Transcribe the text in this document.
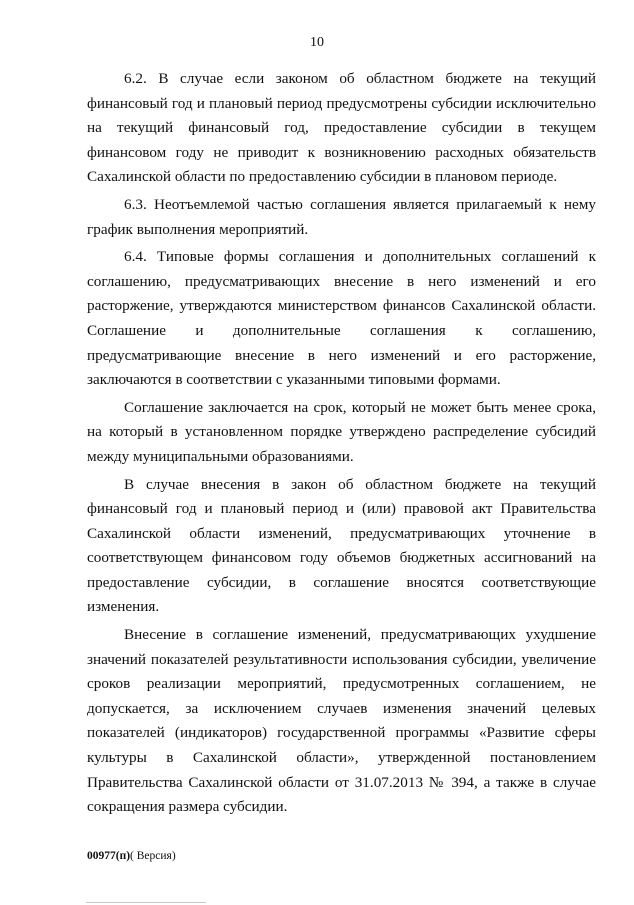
10

6.2. В случае если законом об областном бюджете на текущий финансовый год и плановый период предусмотрены субсидии исключительно на текущий финансовый год, предоставление субсидии в текущем финансовом году не приводит к возникновению расходных обязательств Сахалинской области по предоставлению субсидии в плановом периоде.

6.3. Неотъемлемой частью соглашения является прилагаемый к нему график выполнения мероприятий.

6.4. Типовые формы соглашения и дополнительных соглашений к соглашению, предусматривающих внесение в него изменений и его расторжение, утверждаются министерством финансов Сахалинской области. Соглашение и дополнительные соглашения к соглашению, предусматривающие внесение в него изменений и его расторжение, заключаются в соответствии с указанными типовыми формами.

Соглашение заключается на срок, который не может быть менее срока, на который в установленном порядке утверждено распределение субсидий между муниципальными образованиями.

В случае внесения в закон об областном бюджете на текущий финансовый год и плановый период и (или) правовой акт Правительства Сахалинской области изменений, предусматривающих уточнение в соответствующем финансовом году объемов бюджетных ассигнований на предоставление субсидии, в соглашение вносятся соответствующие изменения.

Внесение в соглашение изменений, предусматривающих ухудшение значений показателей результативности использования субсидии, увеличение сроков реализации мероприятий, предусмотренных соглашением, не допускается, за исключением случаев изменения значений целевых показателей (индикаторов) государственной программы «Развитие сферы культуры в Сахалинской области», утвержденной постановлением Правительства Сахалинской области от 31.07.2013 № 394, а также в случае сокращения размера субсидии.

00977(п)( Версия)
